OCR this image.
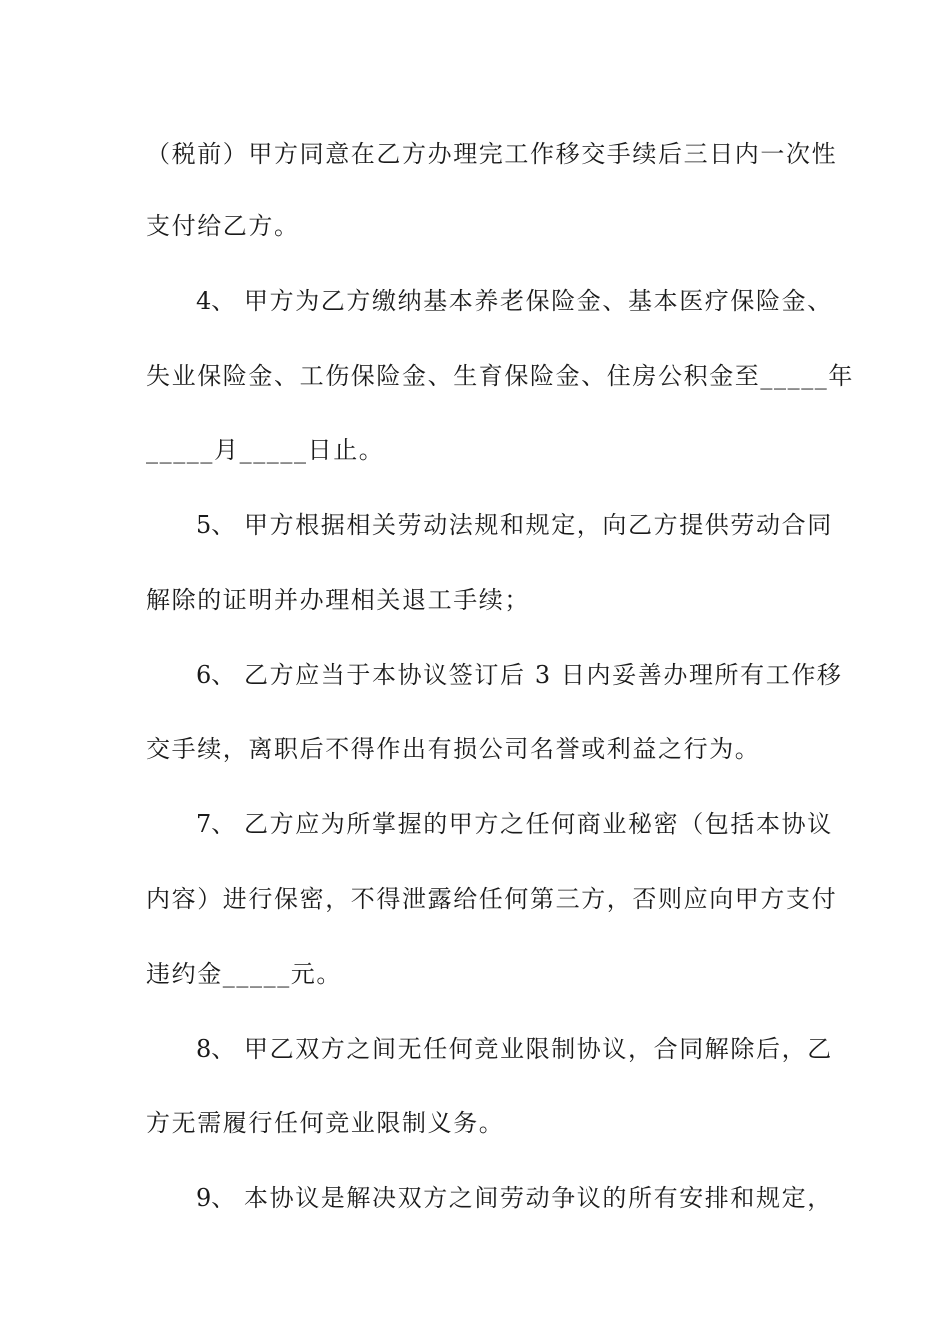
（税前）甲方同意在乙方办理完工作移交手续后三日内一次性
支付给乙方。
4、 甲方为乙方缴纳基本养老保险金、基本医疗保险金、
失业保险金、工伤保险金、生育保险金、住房公积金至_____年
_____月_____日止。
5、 甲方根据相关劳动法规和规定，向乙方提供劳动合同
解除的证明并办理相关退工手续；
6、 乙方应当于本协议签订后 3 日内妥善办理所有工作移
交手续，离职后不得作出有损公司名誉或利益之行为。
7、 乙方应为所掌握的甲方之任何商业秘密（包括本协议
内容）进行保密，不得泄露给任何第三方，否则应向甲方支付
违约金_____元。
8、 甲乙双方之间无任何竞业限制协议，合同解除后，乙
方无需履行任何竞业限制义务。
9、 本协议是解决双方之间劳动争议的所有安排和规定，
